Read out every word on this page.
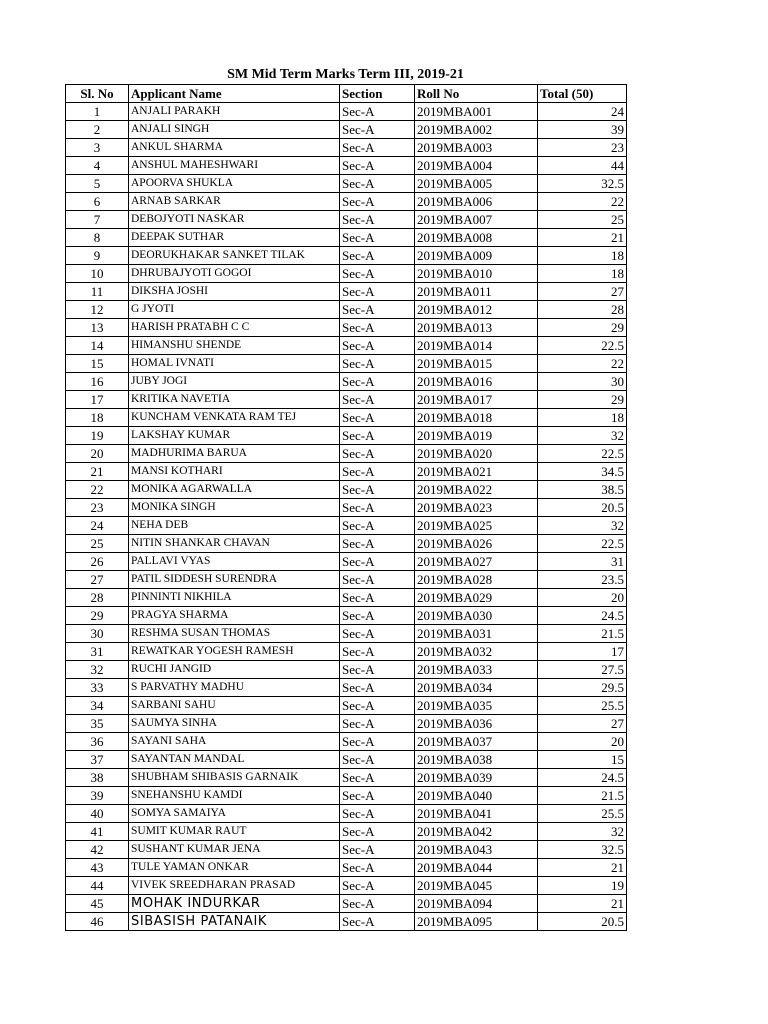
SM Mid Term Marks Term III, 2019-21
Sl. No	Applicant Name	Section	Roll No	Total (50)
1	ANJALI PARAKH	Sec-A	2019MBA001	24
2	ANJALI SINGH	Sec-A	2019MBA002	39
3	ANKUL SHARMA	Sec-A	2019MBA003	23
4	ANSHUL MAHESHWARI	Sec-A	2019MBA004	44
5	APOORVA SHUKLA	Sec-A	2019MBA005	32.5
6	ARNAB SARKAR	Sec-A	2019MBA006	22
7	DEBOJYOTI NASKAR	Sec-A	2019MBA007	25
8	DEEPAK SUTHAR	Sec-A	2019MBA008	21
9	DEORUKHAKAR SANKET TILAK	Sec-A	2019MBA009	18
10	DHRUBAJYOTI GOGOI	Sec-A	2019MBA010	18
11	DIKSHA JOSHI	Sec-A	2019MBA011	27
12	G JYOTI	Sec-A	2019MBA012	28
13	HARISH PRATABH C C	Sec-A	2019MBA013	29
14	HIMANSHU SHENDE	Sec-A	2019MBA014	22.5
15	HOMAL IVNATI	Sec-A	2019MBA015	22
16	JUBY JOGI	Sec-A	2019MBA016	30
17	KRITIKA NAVETIA	Sec-A	2019MBA017	29
18	KUNCHAM VENKATA RAM TEJ	Sec-A	2019MBA018	18
19	LAKSHAY KUMAR	Sec-A	2019MBA019	32
20	MADHURIMA BARUA	Sec-A	2019MBA020	22.5
21	MANSI KOTHARI	Sec-A	2019MBA021	34.5
22	MONIKA AGARWALLA	Sec-A	2019MBA022	38.5
23	MONIKA SINGH	Sec-A	2019MBA023	20.5
24	NEHA DEB	Sec-A	2019MBA025	32
25	NITIN SHANKAR CHAVAN	Sec-A	2019MBA026	22.5
26	PALLAVI VYAS	Sec-A	2019MBA027	31
27	PATIL SIDDESH SURENDRA	Sec-A	2019MBA028	23.5
28	PINNINTI NIKHILA	Sec-A	2019MBA029	20
29	PRAGYA SHARMA	Sec-A	2019MBA030	24.5
30	RESHMA SUSAN THOMAS	Sec-A	2019MBA031	21.5
31	REWATKAR YOGESH RAMESH	Sec-A	2019MBA032	17
32	RUCHI JANGID	Sec-A	2019MBA033	27.5
33	S PARVATHY MADHU	Sec-A	2019MBA034	29.5
34	SARBANI SAHU	Sec-A	2019MBA035	25.5
35	SAUMYA SINHA	Sec-A	2019MBA036	27
36	SAYANI SAHA	Sec-A	2019MBA037	20
37	SAYANTAN MANDAL	Sec-A	2019MBA038	15
38	SHUBHAM SHIBASIS GARNAIK	Sec-A	2019MBA039	24.5
39	SNEHANSHU KAMDI	Sec-A	2019MBA040	21.5
40	SOMYA SAMAIYA	Sec-A	2019MBA041	25.5
41	SUMIT KUMAR RAUT	Sec-A	2019MBA042	32
42	SUSHANT KUMAR JENA	Sec-A	2019MBA043	32.5
43	TULE YAMAN ONKAR	Sec-A	2019MBA044	21
44	VIVEK SREEDHARAN PRASAD	Sec-A	2019MBA045	19
45	MOHAK INDURKAR	Sec-A	2019MBA094	21
46	SIBASISH PATANAIK	Sec-A	2019MBA095	20.5
